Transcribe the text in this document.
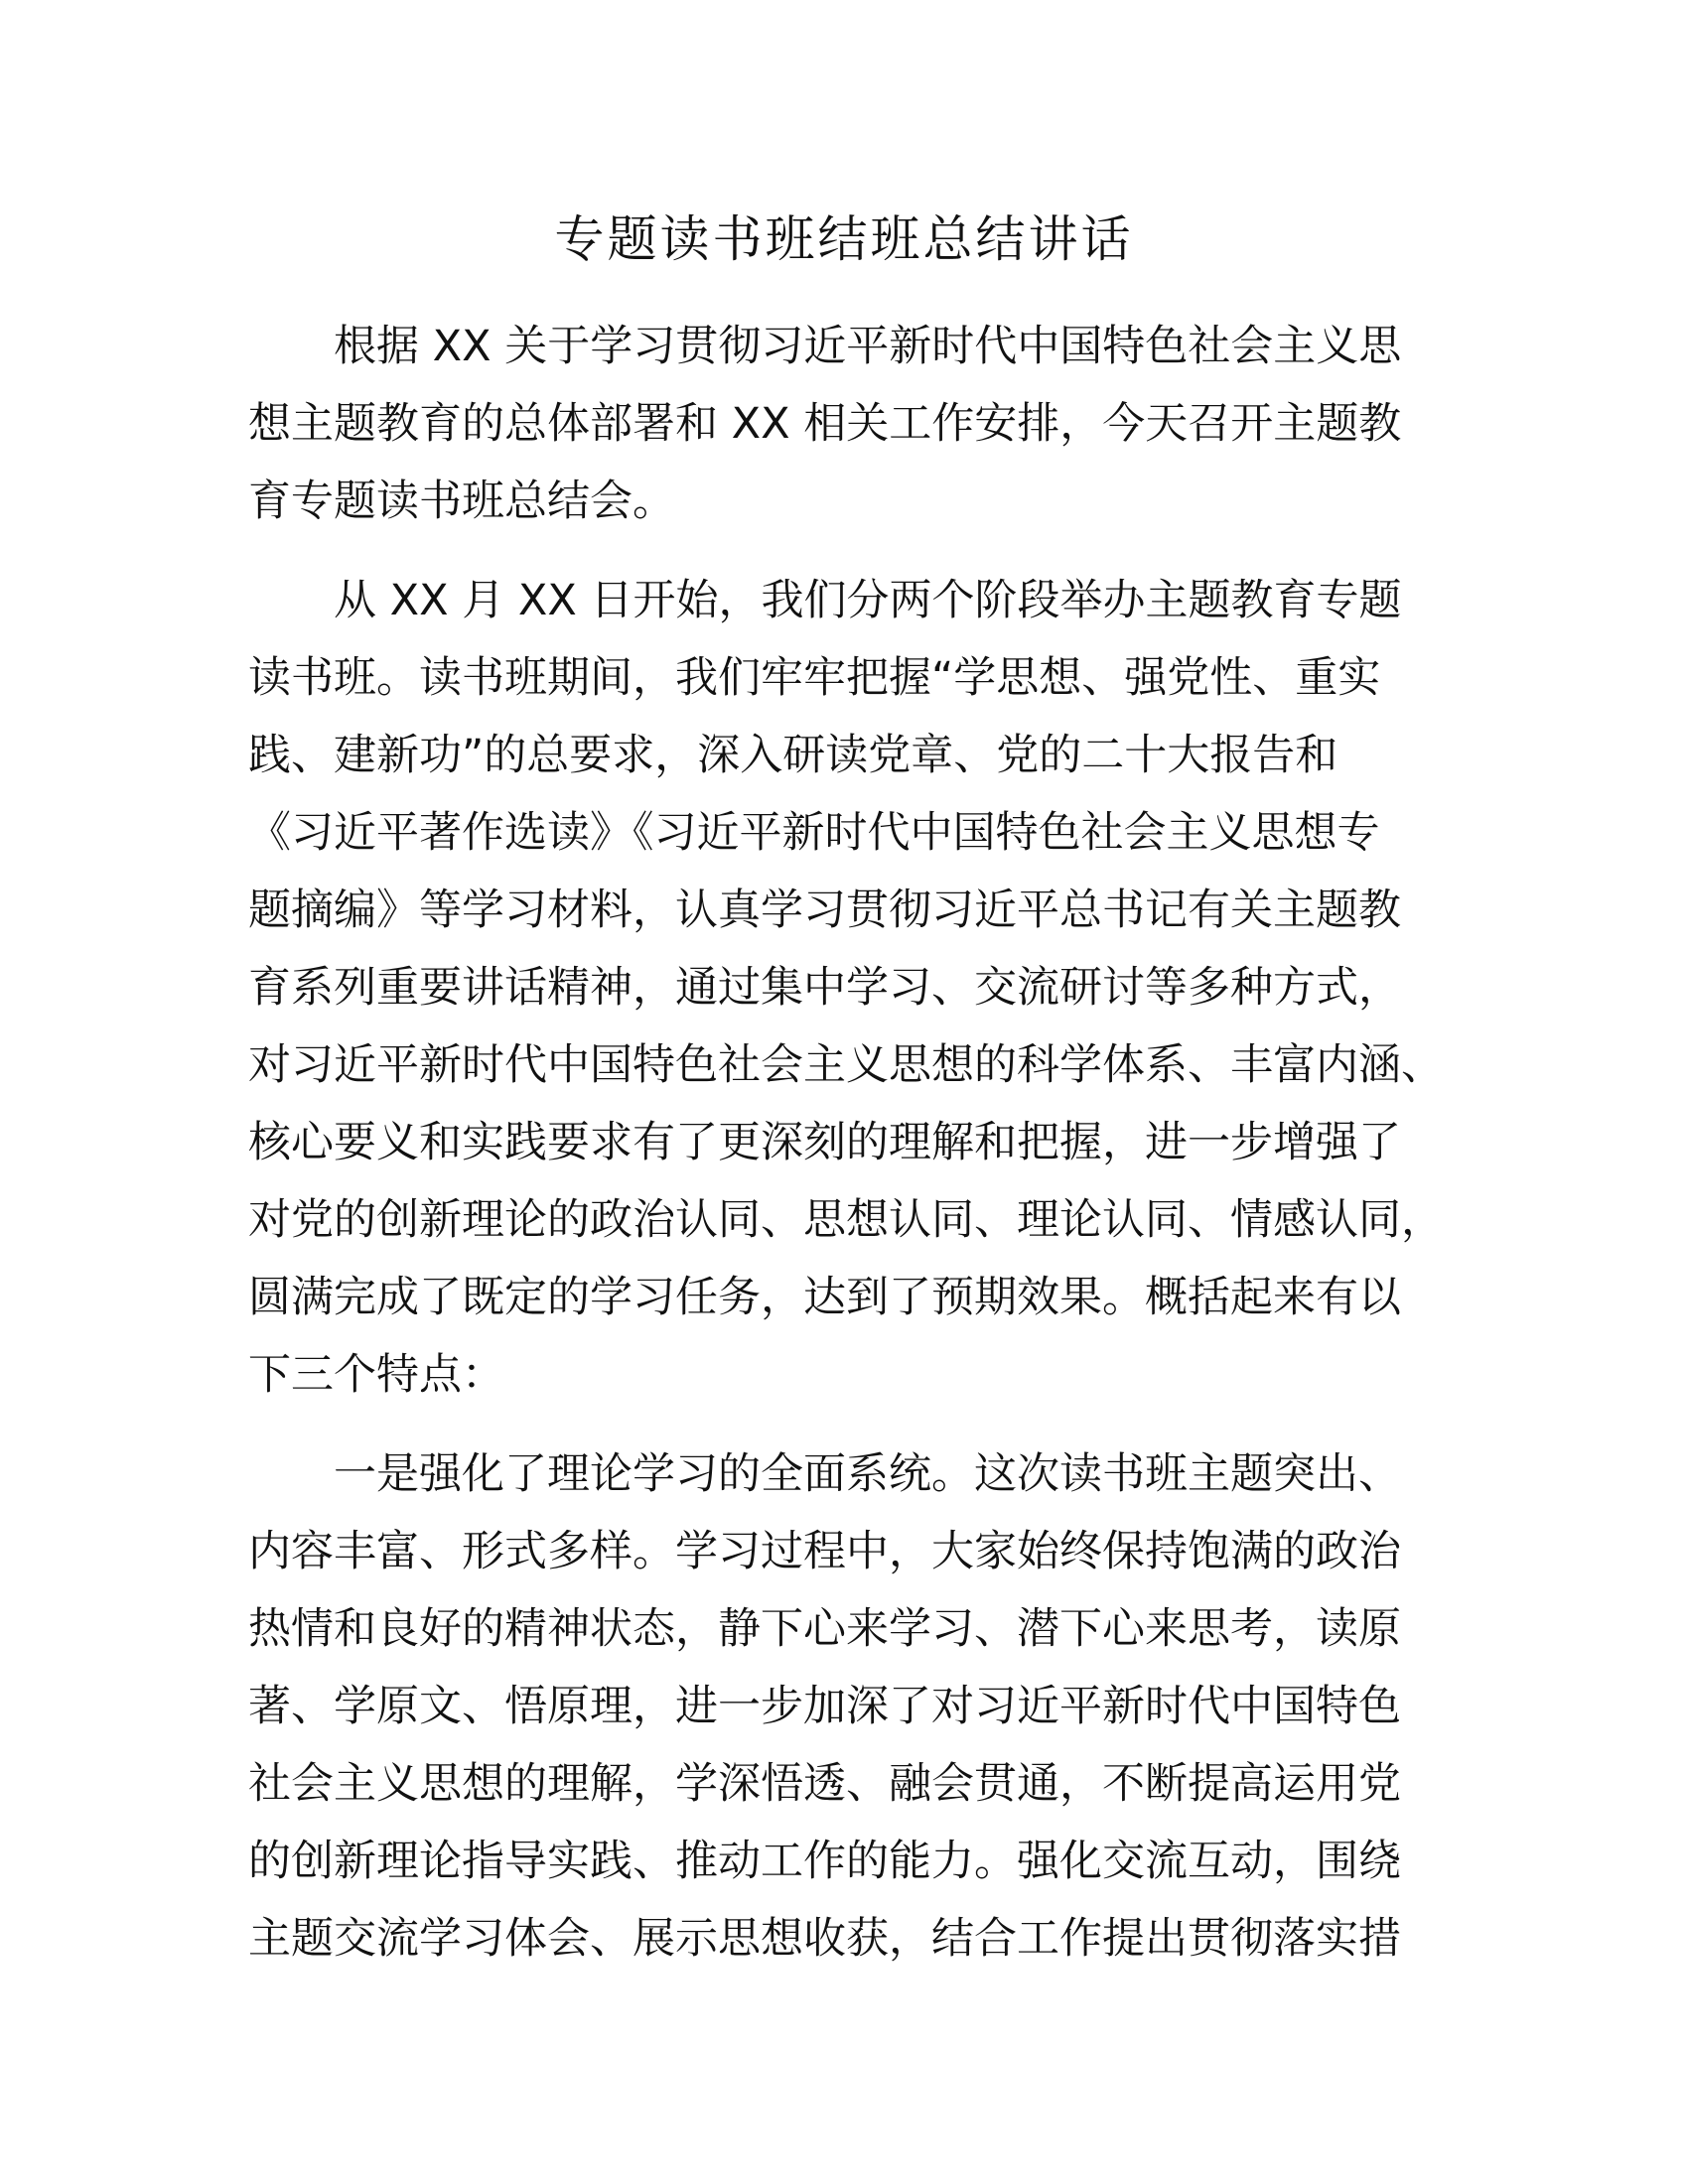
专题读书班结班总结讲话

根据 XX 关于学习贯彻习近平新时代中国特色社会主义思
想主题教育的总体部署和 XX 相关工作安排，今天召开主题教
育专题读书班总结会。

从 XX 月 XX 日开始，我们分两个阶段举办主题教育专题
读书班。读书班期间，我们牢牢把握“学思想、强党性、重实
践、建新功”的总要求，深入研读党章、党的二十大报告和
《习近平著作选读》《习近平新时代中国特色社会主义思想专
题摘编》等学习材料，认真学习贯彻习近平总书记有关主题教
育系列重要讲话精神，通过集中学习、交流研讨等多种方式，
对习近平新时代中国特色社会主义思想的科学体系、丰富内涵、
核心要义和实践要求有了更深刻的理解和把握，进一步增强了
对党的创新理论的政治认同、思想认同、理论认同、情感认同，
圆满完成了既定的学习任务，达到了预期效果。概括起来有以
下三个特点：

一是强化了理论学习的全面系统。这次读书班主题突出、
内容丰富、形式多样。学习过程中，大家始终保持饱满的政治
热情和良好的精神状态，静下心来学习、潜下心来思考，读原
著、学原文、悟原理，进一步加深了对习近平新时代中国特色
社会主义思想的理解，学深悟透、融会贯通，不断提高运用党
的创新理论指导实践、推动工作的能力。强化交流互动，围绕
主题交流学习体会、展示思想收获，结合工作提出贯彻落实措
